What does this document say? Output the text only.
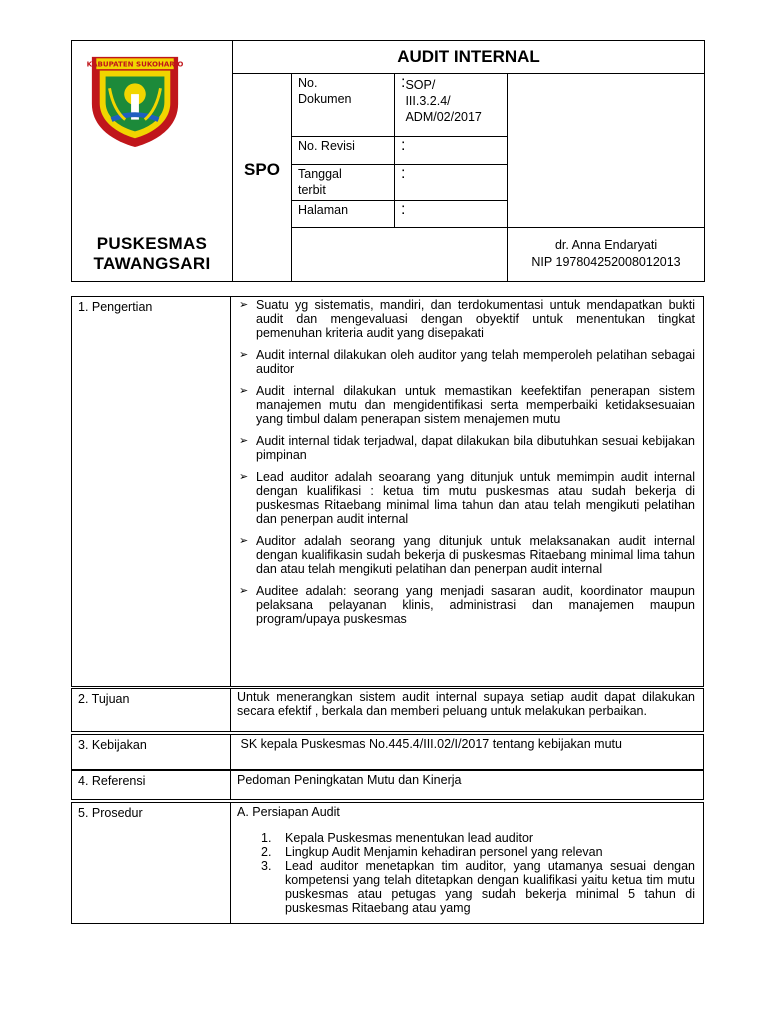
KABUPATEN SUKOHARJO
PUSKESMAS
TAWANGSARI	AUDIT INTERNAL			
	SPO	No.
Dokumen	: SOP/
III.3.2.4/
ADM/02/2017	

		No. Revisi	:	
		Tanggal
terbit	:	
		Halaman	:	

				dr. Anna Endaryati
NIP 197804252008012013
1. Pengertian	➢ Suatu yg sistematis, mandiri, dan terdokumentasi untuk mendapatkan bukti audit dan mengevaluasi dengan obyektif untuk menentukan tingkat pemenuhan kriteria audit yang disepakati
➢ Audit internal dilakukan oleh auditor yang telah memperoleh pelatihan sebagai auditor
➢ Audit internal dilakukan untuk memastikan keefektifan penerapan sistem manajemen mutu dan mengidentifikasi serta memperbaiki ketidaksesuaian yang timbul dalam penerapan sistem menajemen mutu
➢ Audit internal tidak terjadwal, dapat dilakukan bila dibutuhkan sesuai kebijakan pimpinan
➢ Lead auditor adalah seoarang yang ditunjuk untuk memimpin audit internal dengan kualifikasi : ketua tim mutu puskesmas atau sudah bekerja di puskesmas Ritaebang minimal lima tahun dan atau telah mengikuti pelatihan dan penerpan audit internal
➢ Auditor adalah seorang yang ditunjuk untuk melaksanakan audit internal dengan kualifikasin sudah bekerja di puskesmas Ritaebang minimal lima tahun dan atau telah mengikuti pelatihan dan penerpan audit internal
➢ Auditee adalah: seorang yang menjadi sasaran audit, koordinator maupun pelaksana pelayanan klinis, administrasi dan manajemen maupun program/upaya puskesmas
2. Tujuan	Untuk menerangkan sistem audit internal supaya setiap audit dapat dilakukan secara efektif , berkala dan memberi peluang untuk melakukan perbaikan.
3. Kebijakan	SK kepala Puskesmas No.445.4/III.02/I/2017 tentang kebijakan mutu
4. Referensi	Pedoman Peningkatan Mutu dan Kinerja
5. Prosedur	A. Persiapan Audit
1. Kepala Puskesmas menentukan lead auditor
2. Lingkup Audit Menjamin kehadiran personel yang relevan
3. Lead auditor menetapkan tim auditor, yang utamanya sesuai dengan kompetensi yang telah ditetapkan dengan kualifikasi yaitu ketua tim mutu puskesmas atau petugas yang sudah bekerja minimal 5 tahun di puskesmas Ritaebang atau yamg
